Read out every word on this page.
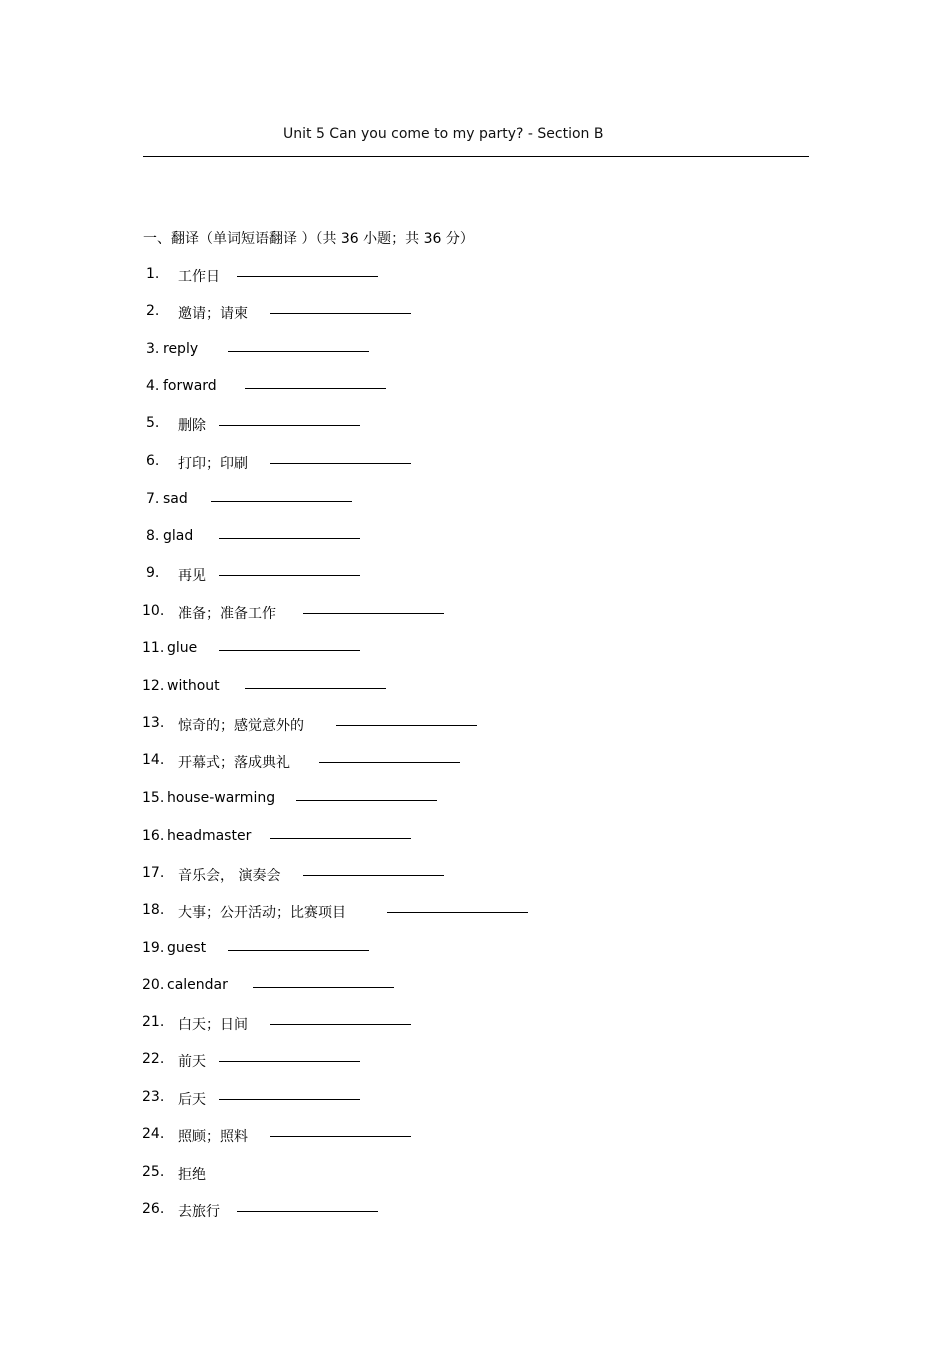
Unit 5 Can you come to my party? - Section B
一、翻译（单词短语翻译 ）（共 36 小题；共 36 分）
1. 工作日
2. 邀请；请柬
3. reply
4. forward
5. 删除
6. 打印；印刷
7. sad
8. glad
9. 再见
10. 准备；准备工作
11. glue
12. without
13. 惊奇的；感觉意外的
14. 开幕式；落成典礼
15. house-warming
16. headmaster
17. 音乐会， 演奏会
18. 大事；公开活动；比赛项目
19. guest
20. calendar
21. 白天；日间
22. 前天
23. 后天
24. 照顾；照料
25. 拒绝
26. 去旅行
